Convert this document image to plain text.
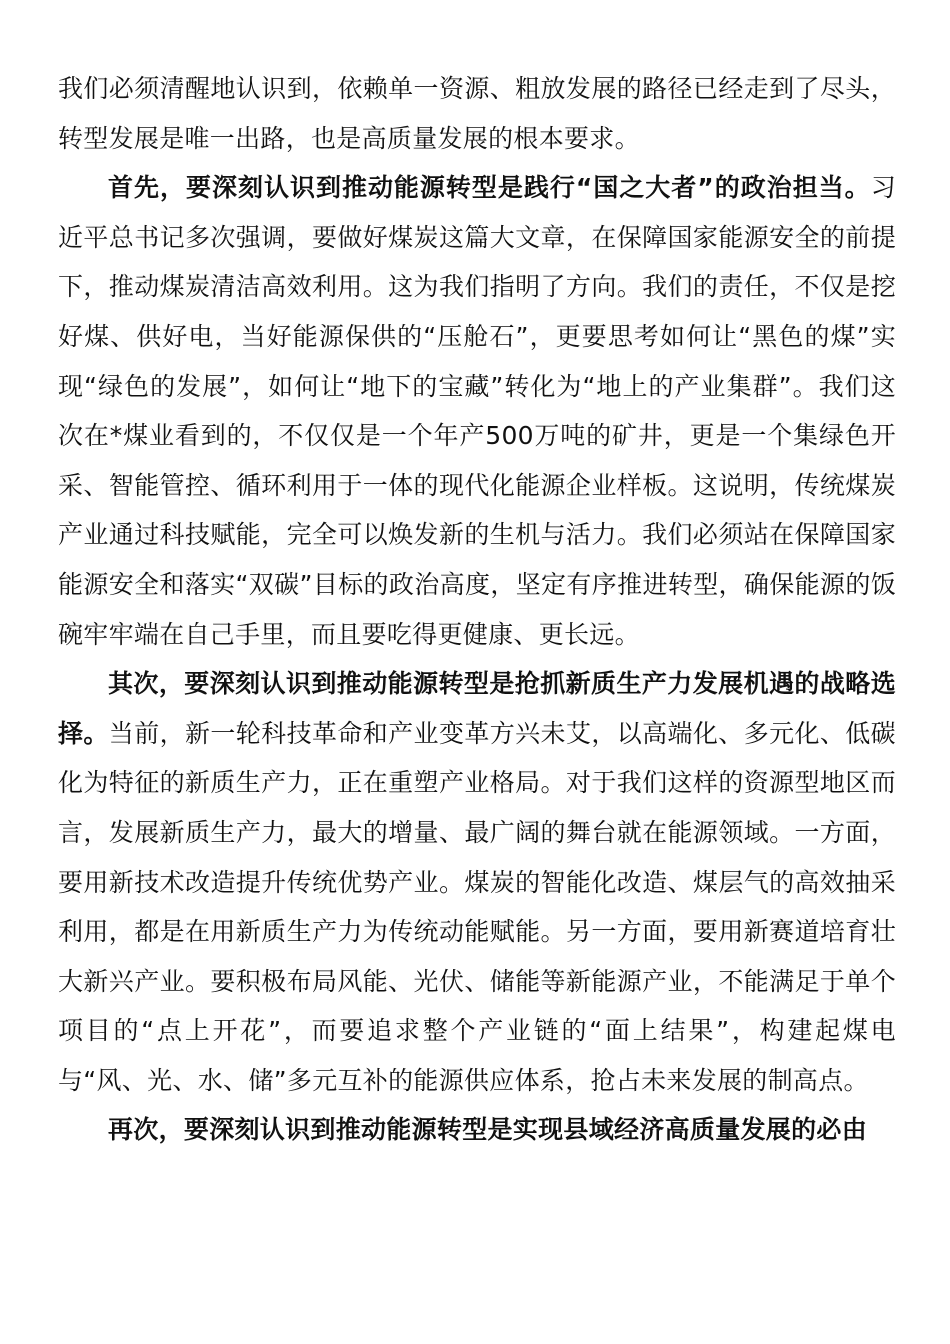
我们必须清醒地认识到，依赖单一资源、粗放发展的路径已经走到了尽头，转型发展是唯一出路，也是高质量发展的根本要求。

首先，要深刻认识到推动能源转型是践行“国之大者”的政治担当。习近平总书记多次强调，要做好煤炭这篇大文章，在保障国家能源安全的前提下，推动煤炭清洁高效利用。这为我们指明了方向。我们的责任，不仅是挖好煤、供好电，当好能源保供的“压舱石”，更要思考如何让“黑色的煤”实现“绿色的发展”，如何让“地下的宝藏”转化为“地上的产业集群”。我们这次在*煤业看到的，不仅仅是一个年产500万吨的矿井，更是一个集绿色开采、智能管控、循环利用于一体的现代化能源企业样板。这说明，传统煤炭产业通过科技赋能，完全可以焕发新的生机与活力。我们必须站在保障国家能源安全和落实“双碳”目标的政治高度，坚定有序推进转型，确保能源的饭碗牢牢端在自己手里，而且要吃得更健康、更长远。

其次，要深刻认识到推动能源转型是抢抓新质生产力发展机遇的战略选择。当前，新一轮科技革命和产业变革方兴未艾，以高端化、多元化、低碳化为特征的新质生产力，正在重塑产业格局。对于我们这样的资源型地区而言，发展新质生产力，最大的增量、最广阔的舞台就在能源领域。一方面，要用新技术改造提升传统优势产业。煤炭的智能化改造、煤层气的高效抽采利用，都是在用新质生产力为传统动能赋能。另一方面，要用新赛道培育壮大新兴产业。要积极布局风能、光伏、储能等新能源产业，不能满足于单个项目的“点上开花”，而要追求整个产业链的“面上结果”，构建起煤电与“风、光、水、储”多元互补的能源供应体系，抢占未来发展的制高点。

再次，要深刻认识到推动能源转型是实现县域经济高质量发展的必由
